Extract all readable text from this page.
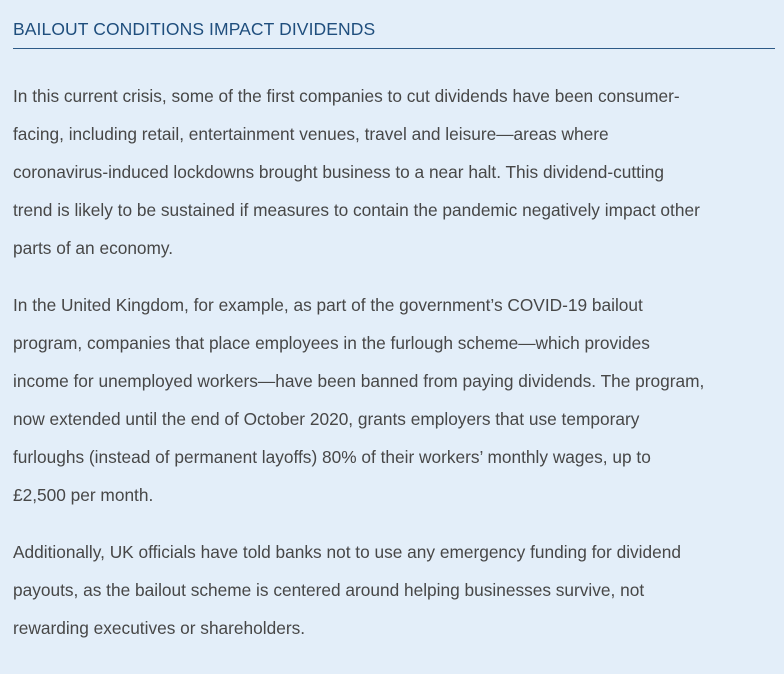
BAILOUT CONDITIONS IMPACT DIVIDENDS

In this current crisis, some of the first companies to cut dividends have been consumer-
facing, including retail, entertainment venues, travel and leisure—areas where
coronavirus-induced lockdowns brought business to a near halt. This dividend-cutting
trend is likely to be sustained if measures to contain the pandemic negatively impact other
parts of an economy.

In the United Kingdom, for example, as part of the government’s COVID-19 bailout
program, companies that place employees in the furlough scheme—which provides
income for unemployed workers—have been banned from paying dividends. The program,
now extended until the end of October 2020, grants employers that use temporary
furloughs (instead of permanent layoffs) 80% of their workers’ monthly wages, up to
£2,500 per month.

Additionally, UK officials have told banks not to use any emergency funding for dividend
payouts, as the bailout scheme is centered around helping businesses survive, not
rewarding executives or shareholders.
